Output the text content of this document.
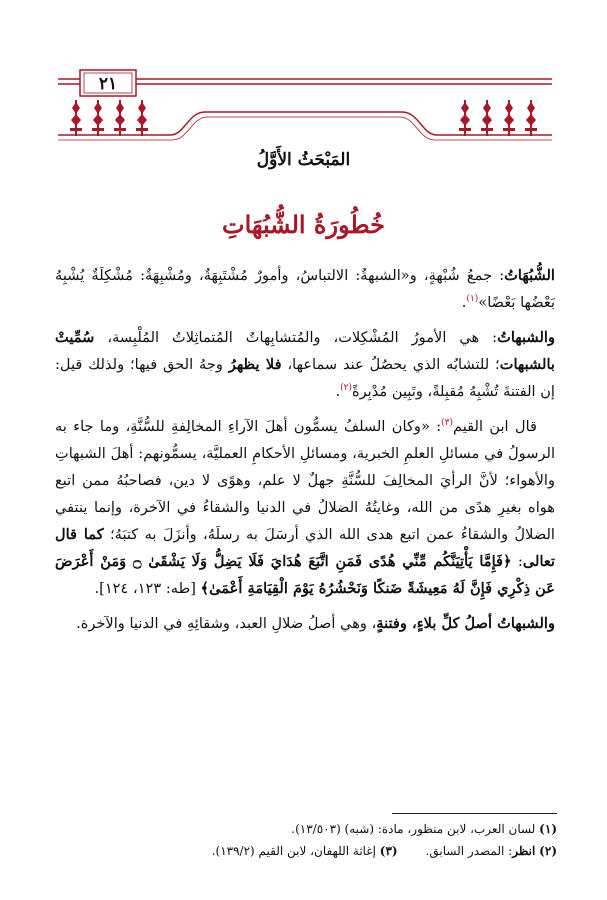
٢١
المَبْحَثُ الأَوَّلُ
خُطُورَةُ الشُّبُهَاتِ

الشُّبُهَاتُ: جمعُ شُبْهةٍ، و«الشبهةُ: الالتباسُ، وأمورٌ مُشْتَبِهَةٌ، ومُشْبِهَةٌ: مُشْكِلَةٌ يُشْبِهُ بَعْضُها بَعْضًا»$^{(١)}$.

والشبهاتُ: هي الأمورُ المُشْكِلات، والمُتشابِهاتُ المُتماثِلاتُ المُلْبِسة، سُمِّيتْ بالشبهات؛ للتشابُه الذي يحصُلُ عند سماعها، فلا يظهرُ وجهُ الحق فيها؛ ولذلك قيل: إن الفتنةَ تُشْبِهُ مُقبِلةً، وتَبِين مُدْبِرةً$^{(٢)}$.

قال ابن القيم$^{(٣)}$: «وكان السلفُ يسمُّون أهلَ الآراءِ المخالِفةِ للسُّنَّةِ، وما جاء به الرسولُ في مسائلِ العلمِ الخبرية، ومسائلِ الأحكامِ العمليَّة، يسمُّونهم: أهلَ الشبهاتِ والأهواء؛ لأنَّ الرأيَ المخالِفَ للسُّنَّةِ جهلٌ لا علم، وهوًى لا دين، فصاحبُهُ ممن اتبع هواه بغيرِ هدًى من الله، وغايتُهُ الضلالُ في الدنيا والشقاءُ في الآخرة، وإنما ينتفي الضلالُ والشقاءُ عمن اتبع هدى الله الذي أرسَلَ به رسلَهُ، وأنزَلَ به كتبَهُ؛ كما قال تعالى: ﴿فَإِمَّا يَأْتِيَنَّكُم مِّنِّي هُدًى فَمَنِ اتَّبَعَ هُدَايَ فَلَا يَضِلُّ وَلَا يَشْقَىٰ ۝ وَمَنْ أَعْرَضَ عَن ذِكْرِي فَإِنَّ لَهُ مَعِيشَةً ضَنكًا وَنَحْشُرُهُ يَوْمَ الْقِيَامَةِ أَعْمَىٰ﴾ [طه: ١٢٣، ١٢٤].

والشبهاتُ أصلُ كلِّ بلاءٍ، وفتنةٍ، وهي أصلُ ضلالِ العبد، وشقائِهِ في الدنيا والآخرة.

(١) لسان العرب، لابن منظور، مادة: (شبه) (١٣/٥٠٣).
(٢) انظر: المصدر السابق.(٣) إغاثة اللهفان، لابن القيم (١٣٩/٢).
